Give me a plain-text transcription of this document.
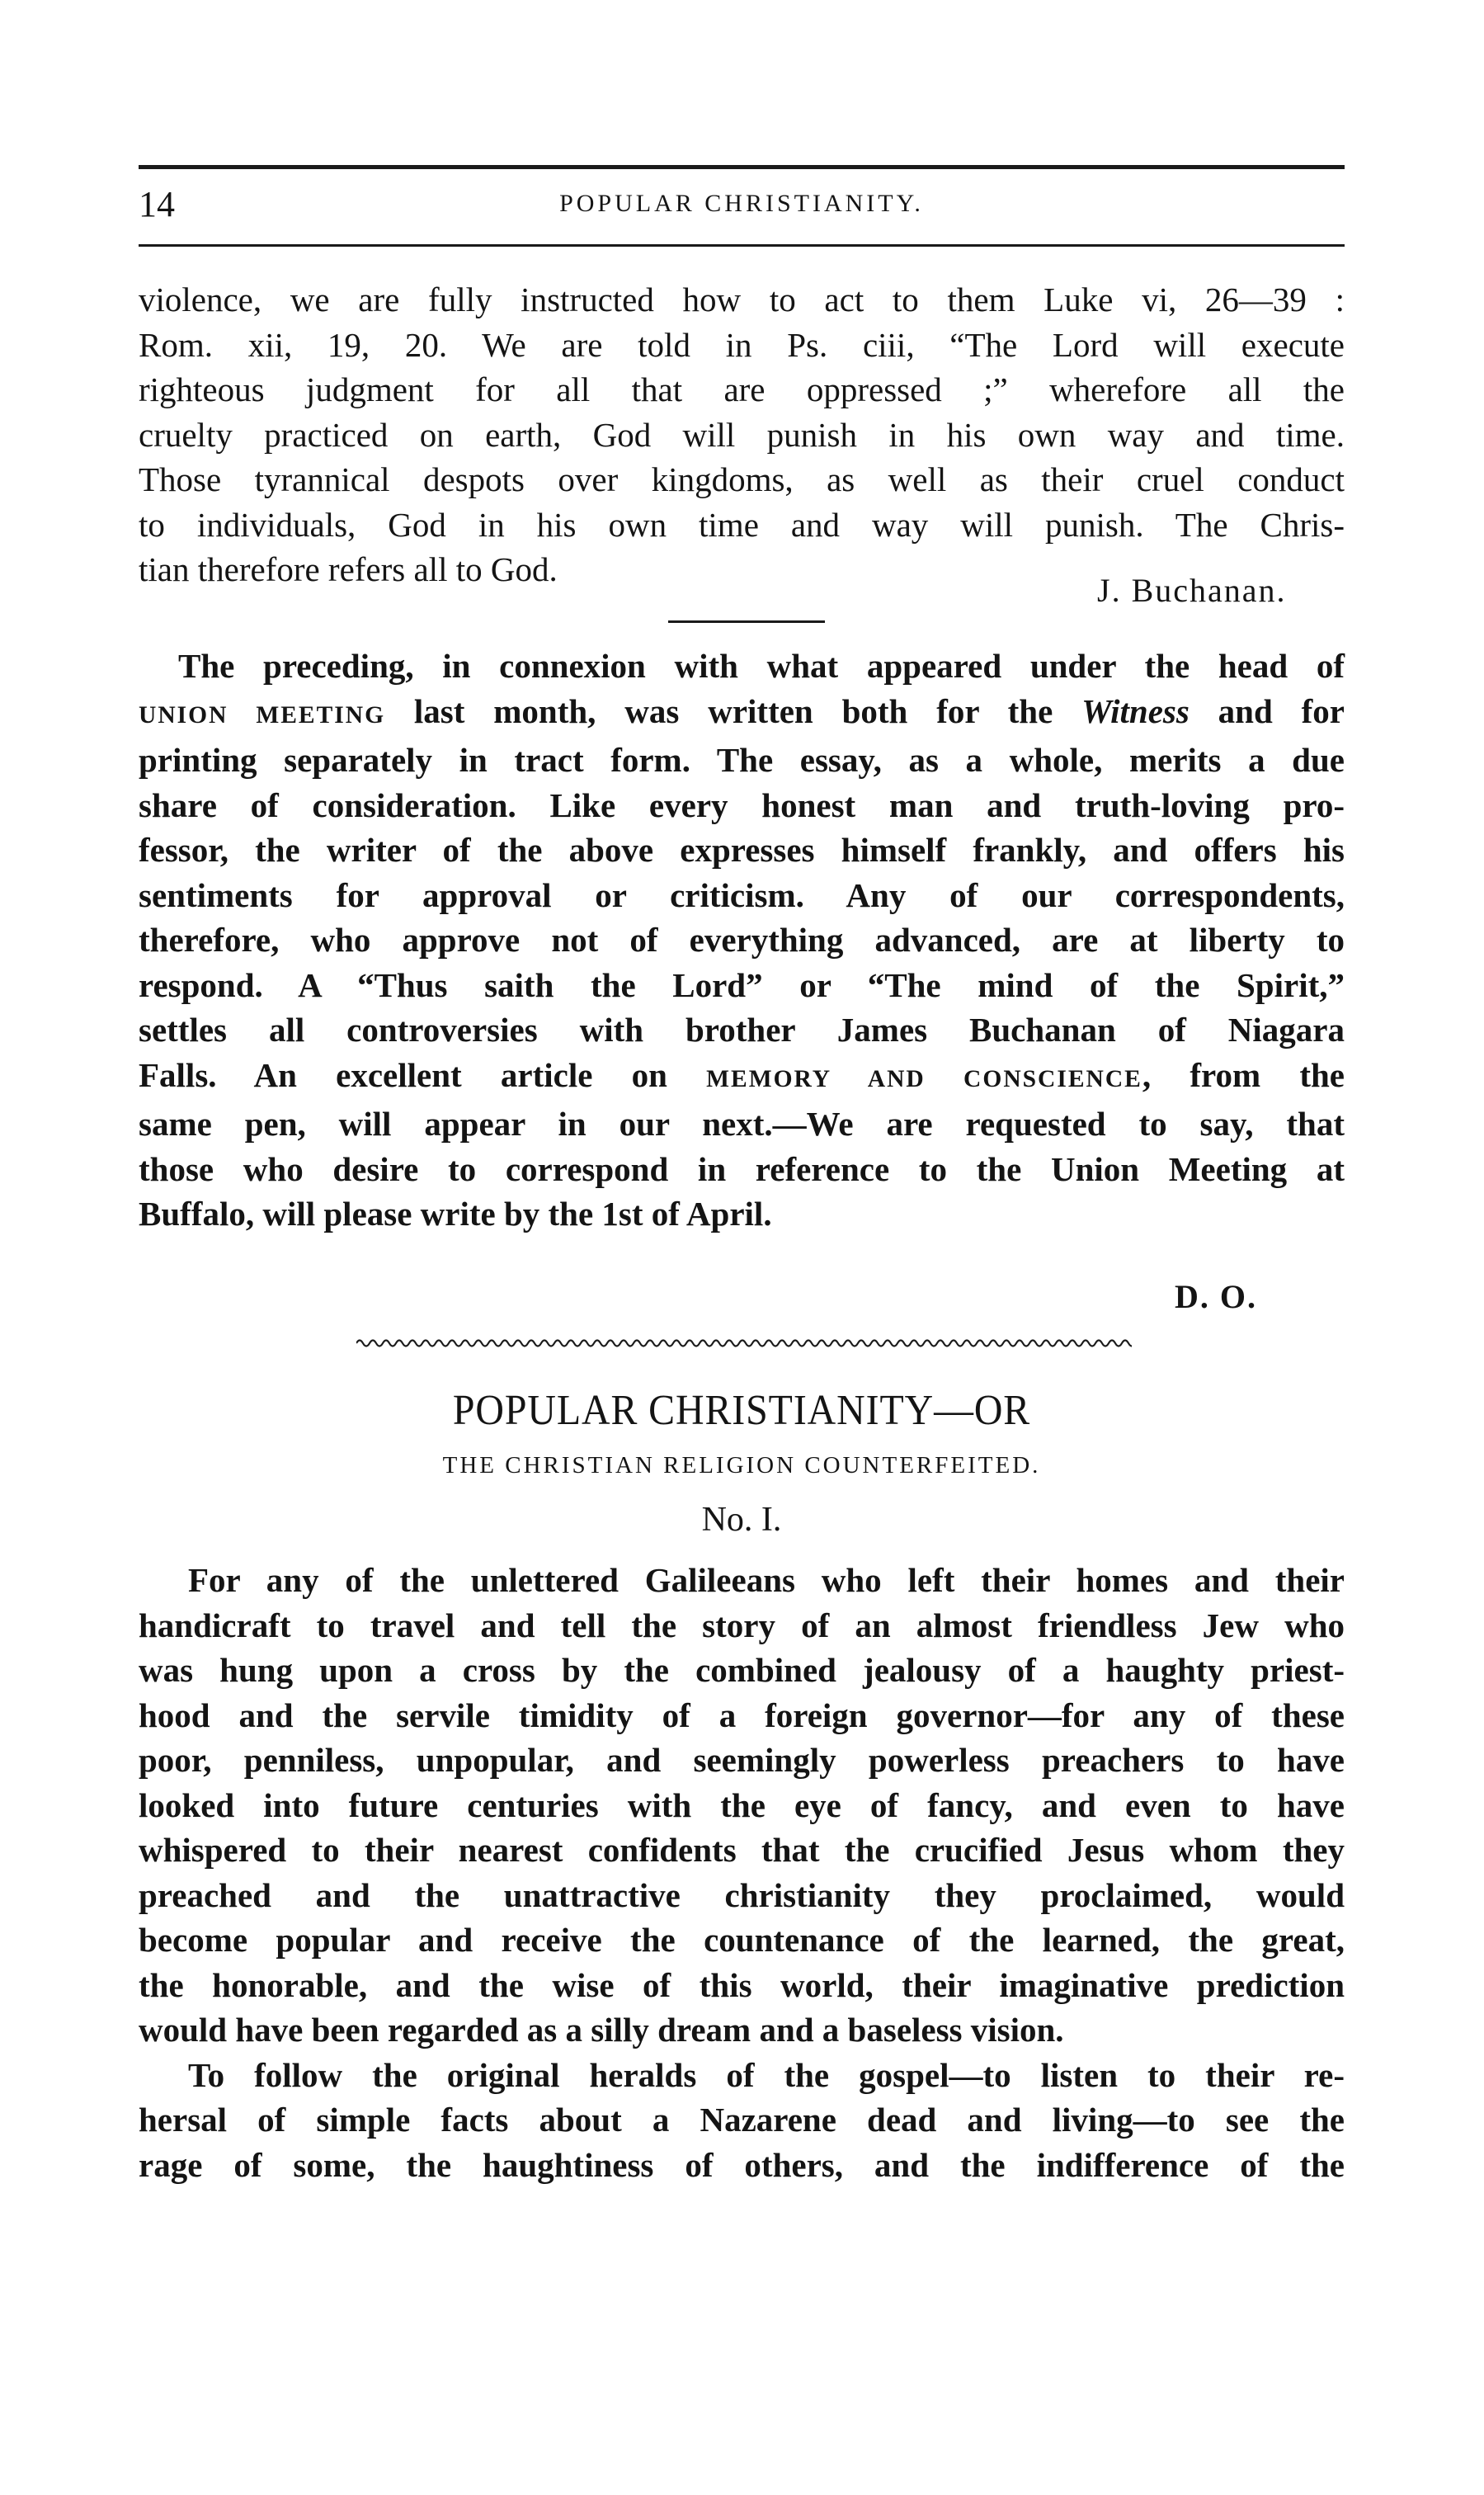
14	POPULAR CHRISTIANITY.

violence, we are fully instructed how to act to them Luke vi, 26—39 :
Rom. xii, 19, 20. We are told in Ps. ciii, “The Lord will execute
righteous judgment for all that are oppressed ;” wherefore all the
cruelty practiced on earth, God will punish in his own way and time.
Those tyrannical despots over kingdoms, as well as their cruel conduct
to individuals, God in his own time and way will punish. The Chris-
tian therefore refers all to God.

J. Buchanan.

The preceding, in connexion with what appeared under the head of
UNION MEETING last month, was written both for the Witness and for
printing separately in tract form. The essay, as a whole, merits a due
share of consideration. Like every honest man and truth-loving pro-
fessor, the writer of the above expresses himself frankly, and offers his
sentiments for approval or criticism. Any of our correspondents,
therefore, who approve not of everything advanced, are at liberty to
respond. A “Thus saith the Lord” or “The mind of the Spirit,”
settles all controversies with brother James Buchanan of Niagara
Falls. An excellent article on MEMORY AND CONSCIENCE, from the
same pen, will appear in our next.—We are requested to say, that
those who desire to correspond in reference to the Union Meeting at
Buffalo, will please write by the 1st of April.

D. O.
POPULAR CHRISTIANITY—OR
THE CHRISTIAN RELIGION COUNTERFEITED.
No. I.

For any of the unlettered Galileeans who left their homes and their
handicraft to travel and tell the story of an almost friendless Jew who
was hung upon a cross by the combined jealousy of a haughty priest-
hood and the servile timidity of a foreign governor—for any of these
poor, penniless, unpopular, and seemingly powerless preachers to have
looked into future centuries with the eye of fancy, and even to have
whispered to their nearest confidents that the crucified Jesus whom they
preached and the unattractive christianity they proclaimed, would
become popular and receive the countenance of the learned, the great,
the honorable, and the wise of this world, their imaginative prediction
would have been regarded as a silly dream and a baseless vision.

To follow the original heralds of the gospel—to listen to their re-
hersal of simple facts about a Nazarene dead and living—to see the
rage of some, the haughtiness of others, and the indifference of the
